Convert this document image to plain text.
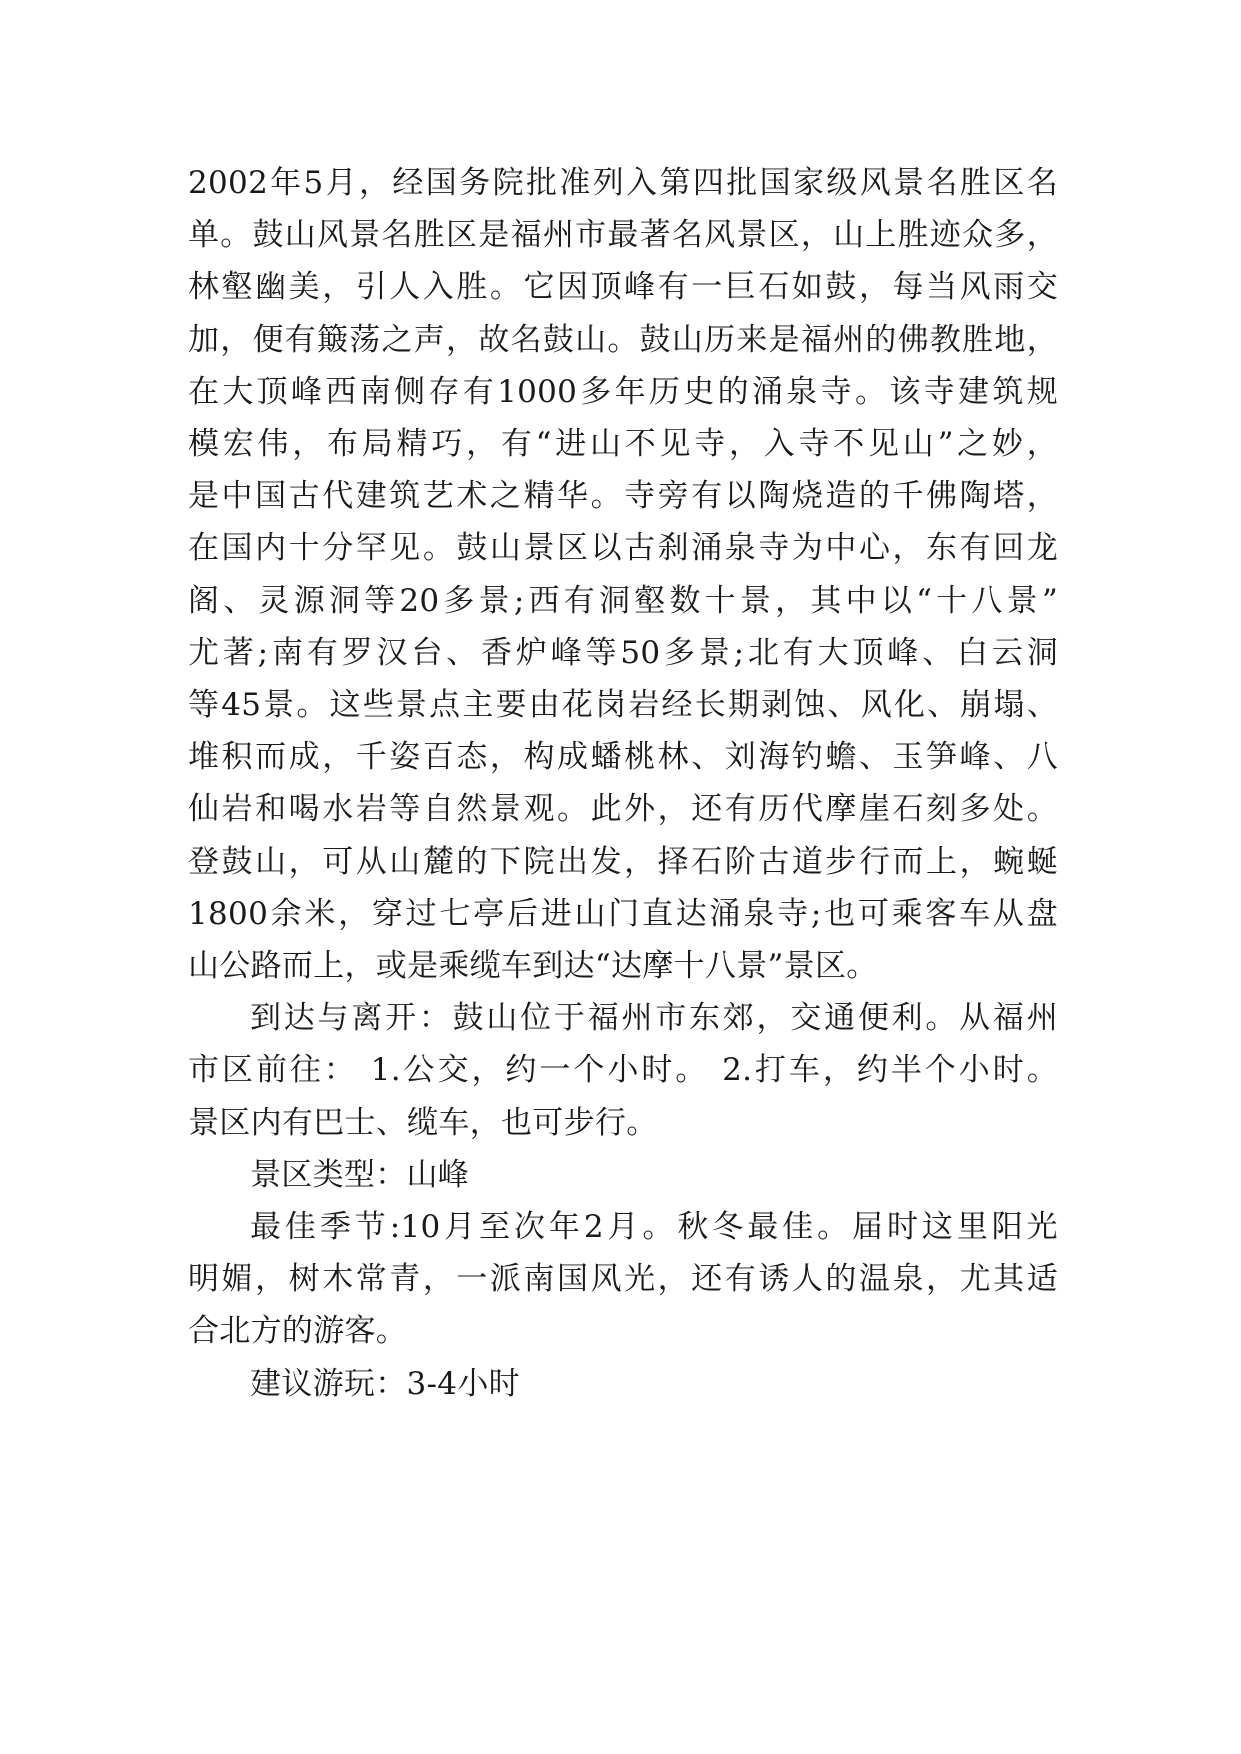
2002年5月，经国务院批准列入第四批国家级风景名胜区名
单。鼓山风景名胜区是福州市最著名风景区，山上胜迹众多，
林壑幽美，引人入胜。它因顶峰有一巨石如鼓，每当风雨交
加，便有簸荡之声，故名鼓山。鼓山历来是福州的佛教胜地，
在大顶峰西南侧存有1000多年历史的涌泉寺。该寺建筑规
模宏伟，布局精巧，有“进山不见寺，入寺不见山”之妙，
是中国古代建筑艺术之精华。寺旁有以陶烧造的千佛陶塔，
在国内十分罕见。鼓山景区以古刹涌泉寺为中心，东有回龙
阁、灵源洞等20多景;西有洞壑数十景，其中以“十八景”
尤著;南有罗汉台、香炉峰等50多景;北有大顶峰、白云洞
等45景。这些景点主要由花岗岩经长期剥蚀、风化、崩塌、
堆积而成，千姿百态，构成蟠桃林、刘海钓蟾、玉笋峰、八
仙岩和喝水岩等自然景观。此外，还有历代摩崖石刻多处。
登鼓山，可从山麓的下院出发，择石阶古道步行而上，蜿蜒
1800余米，穿过七亭后进山门直达涌泉寺;也可乘客车从盘
山公路而上，或是乘缆车到达“达摩十八景”景区。
到达与离开：鼓山位于福州市东郊，交通便利。从福州
市区前往： 1.公交，约一个小时。 2.打车，约半个小时。
景区内有巴士、缆车，也可步行。
景区类型：山峰
最佳季节:10月至次年2月。秋冬最佳。届时这里阳光
明媚，树木常青，一派南国风光，还有诱人的温泉，尤其适
合北方的游客。
建议游玩：3-4小时
